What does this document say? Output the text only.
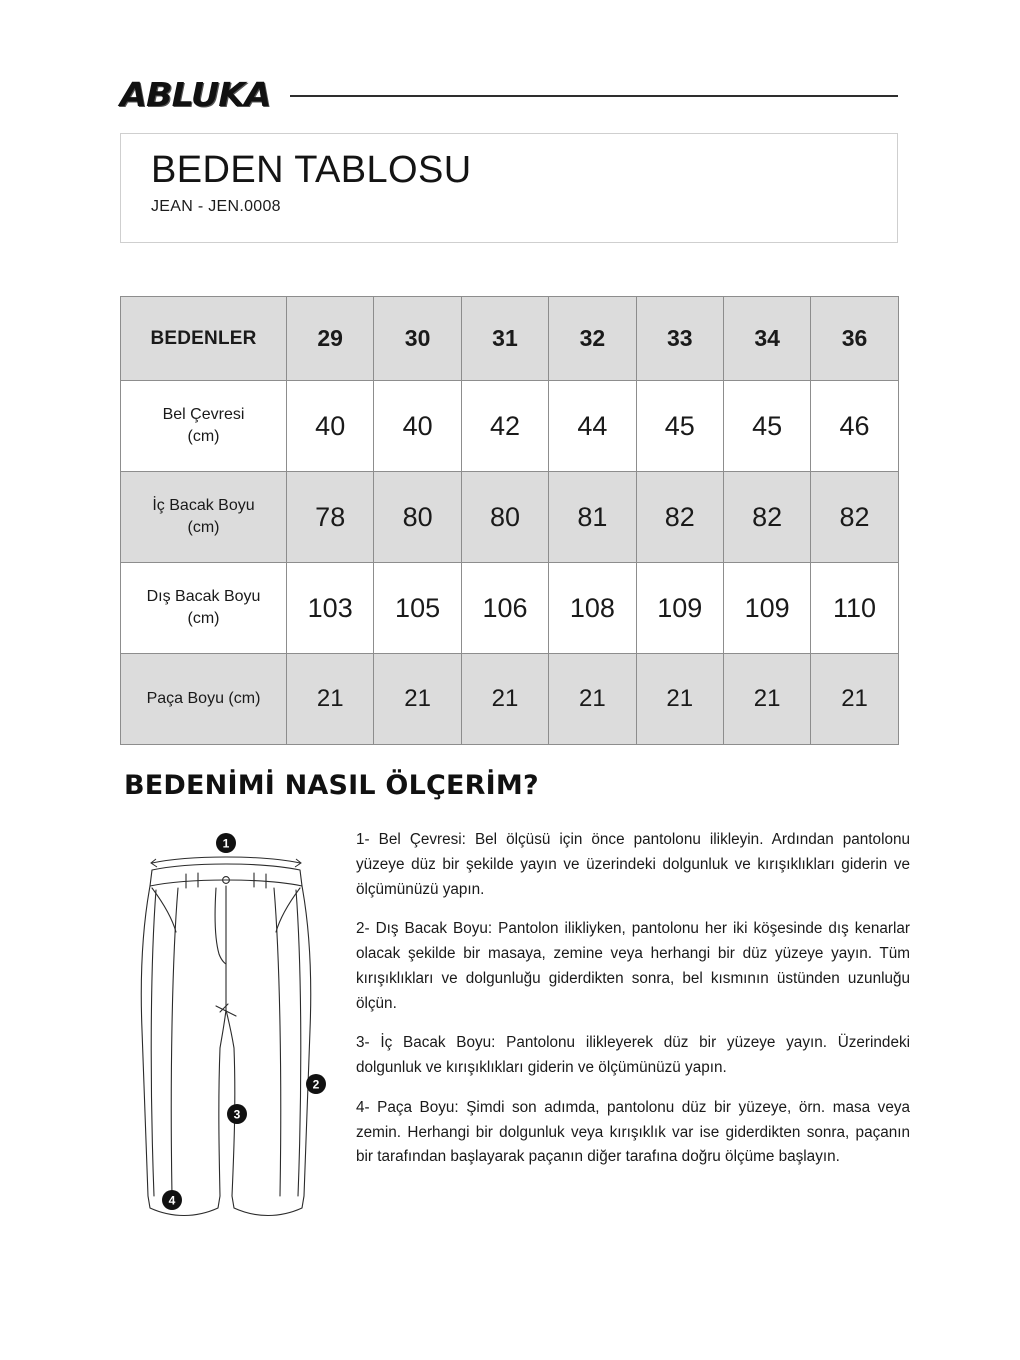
ABLUKA
BEDEN TABLOSU
JEAN - JEN.0008
BEDENLER	29	30	31	32	33	34	36

Bel Çevresi
(cm)	40	40	42	44	45	45	46

İç Bacak Boyu
(cm)	78	80	80	81	82	82	82

Dış Bacak Boyu
(cm)	103	105	106	108	109	109	110

Paça Boyu (cm)	21	21	21	21	21	21	21
BEDENİMİ NASIL ÖLÇERİM?
1
2
3
4

1- Bel Çevresi: Bel ölçüsü için önce pantolonu ilikleyin. Ardından pantolonu yüzeye düz bir şekilde yayın ve üzerindeki dolgunluk ve kırışıklıkları giderin ve ölçümünüzü yapın.

2- Dış Bacak Boyu: Pantolon ilikliyken, pantolonu her iki köşesinde dış kenarlar olacak şekilde bir masaya, zemine veya herhangi bir düz yüzeye yayın. Tüm kırışıklıkları ve dolgunluğu giderdikten sonra, bel kısmının üstünden uzunluğu ölçün.

3- İç Bacak Boyu: Pantolonu ilikleyerek düz bir yüzeye yayın. Üzerindeki dolgunluk ve kırışıklıkları giderin ve ölçümünüzü yapın.

4- Paça Boyu: Şimdi son adımda, pantolonu düz bir yüzeye, örn. masa veya zemin. Herhangi bir dolgunluk veya kırışıklık var ise giderdikten sonra, paçanın bir tarafından başlayarak paçanın diğer tarafına doğru ölçüme başlayın.
